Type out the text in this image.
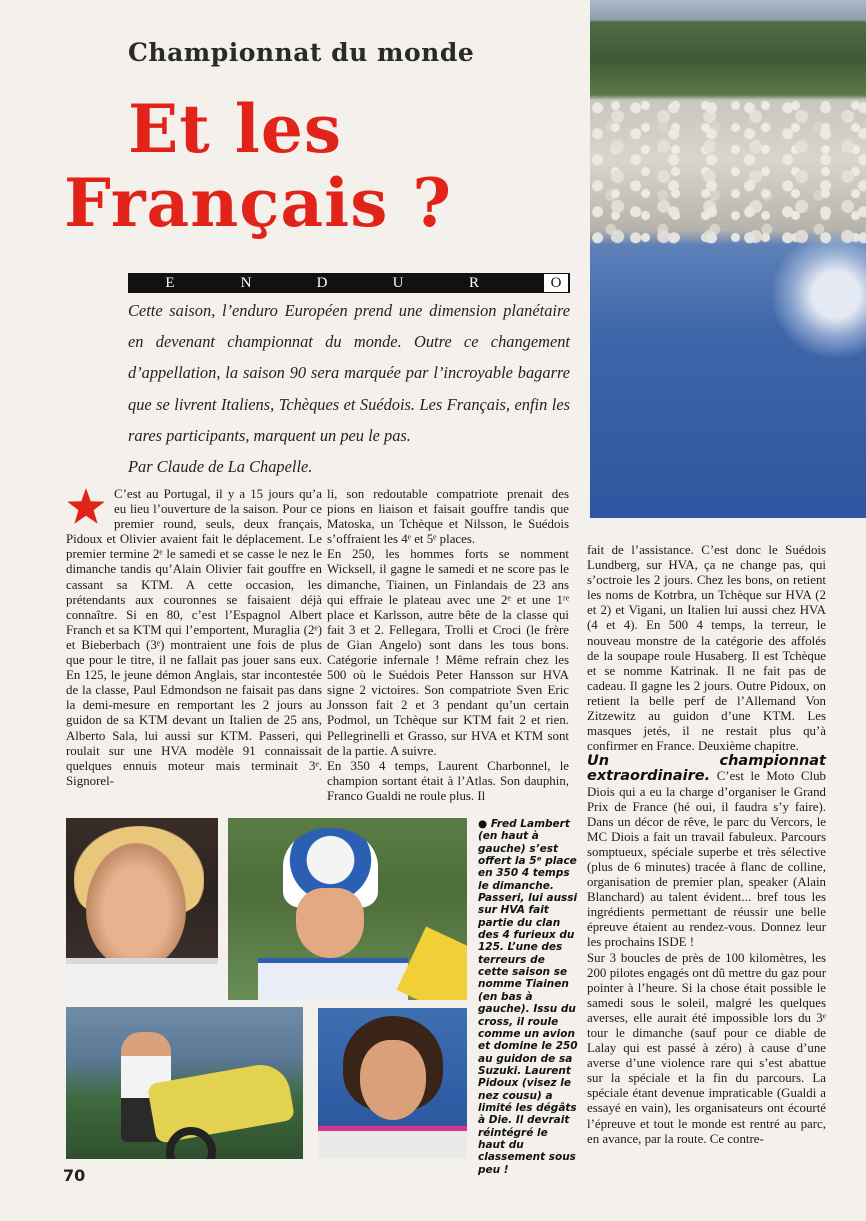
Championnat du monde
Et les
Français ?
E	N	D	U	R	O
Cette saison, l’enduro Européen prend une dimension planétaire en devenant championnat du monde. Outre ce changement d’appellation, la saison 90 sera marquée par l’incroyable bagarre que se livrent Italiens, Tchèques et Suédois. Les Français, enfin les rares participants, marquent un peu le pas.
Par Claude de La Chapelle.

C’est au Portugal, il y a 15 jours qu’a eu lieu l’ouverture de la saison. Pour ce premier round, seuls, deux français, Pidoux et Olivier avaient fait le déplacement. Le premier termine 2ᵉ le samedi et se casse le nez le dimanche tandis qu’Alain Olivier fait gouffre en cassant sa KTM. A cette occasion, les prétendants aux couronnes se faisaient déjà connaître. Si en 80, c’est l’Espagnol Albert Franch et sa KTM qui l’emportent, Muraglia (2ᵉ) et Bieberbach (3ᵉ) montraient une fois de plus que pour le titre, il ne fallait pas jouer sans eux. En 125, le jeune démon Anglais, star incontestée de la classe, Paul Edmondson ne faisait pas dans la demi-mesure en remportant les 2 jours au guidon de sa KTM devant un Italien de 25 ans, Alberto Sala, lui aussi sur KTM. Passeri, qui roulait sur une HVA modèle 91 connaissait quelques ennuis moteur mais terminait 3ᵉ. Signorel-

li, son redoutable compatriote prenait des pions en liaison et faisait gouffre tandis que Matoska, un Tchèque et Nilsson, le Suédois s’offraient les 4ᵉ et 5ᵉ places.

En 250, les hommes forts se nomment Wicksell, il gagne le samedi et ne score pas le dimanche, Tiainen, un Finlandais de 23 ans qui effraie le plateau avec une 2ᵉ et une 1ʳᵉ place et Karlsson, autre bête de la classe qui fait 3 et 2. Fellegara, Trolli et Croci (le frère de Gian Angelo) sont dans les tous bons. Catégorie infernale ! Même refrain chez les 500 où le Suédois Peter Hansson sur HVA signe 2 victoires. Son compatriote Sven Eric Jonsson fait 2 et 3 pendant qu’un certain Podmol, un Tchèque sur KTM fait 2 et rien. Pellegrinelli et Grasso, sur HVA et KTM sont de la partie. A suivre.

En 350 4 temps, Laurent Charbonnel, le champion sortant était à l’Atlas. Son dauphin, Franco Gualdi ne roule plus. Il

fait de l’assistance. C’est donc le Suédois Lundberg, sur HVA, ça ne change pas, qui s’octroie les 2 jours. Chez les bons, on retient les noms de Kotrbra, un Tchèque sur HVA (2 et 2) et Vigani, un Italien lui aussi chez HVA (4 et 4). En 500 4 temps, la terreur, le nouveau monstre de la catégorie des affolés de la soupape roule Husaberg. Il est Tchèque et se nomme Katrinak. Il ne fait pas de cadeau. Il gagne les 2 jours. Outre Pidoux, on retient la belle perf de l’Allemand Von Zitzewitz au guidon d’une KTM. Les masques jetés, il ne restait plus qu’à confirmer en France. Deuxième chapitre.

Un championnat extraordinaire. C’est le Moto Club Diois qui a eu la charge d’organiser le Grand Prix de France (hé oui, il faudra s’y faire). Dans un décor de rêve, le parc du Vercors, le MC Diois a fait un travail fabuleux. Parcours somptueux, spéciale superbe et très sélective (plus de 6 minutes) tracée à flanc de colline, organisation de premier plan, speaker (Alain Blanchard) au talent évident... bref tous les ingrédients permettant de réussir une belle épreuve étaient au rendez-vous. Donnez leur les prochains ISDE !

Sur 3 boucles de près de 100 kilomètres, les 200 pilotes engagés ont dû mettre du gaz pour pointer à l’heure. Si la chose était possible le samedi sous le soleil, malgré les quelques averses, elle aurait été impossible lors du 3ᵉ tour le dimanche (sauf pour ce diable de Lalay qui est passé à zéro) à cause d’une averse d’une violence rare qui s’est abattue sur la spéciale et la fin du parcours. La spéciale étant devenue impraticable (Gualdi a essayé en vain), les organisateurs ont écourté l’épreuve et tout le monde est rentré au parc, en avance, par la route. Ce contre-

● Fred Lambert (en haut à gauche) s’est offert la 5ᵉ place en 350 4 temps le dimanche. Passeri, lui aussi sur HVA fait partie du clan des 4 furieux du 125. L’une des terreurs de cette saison se nomme Tiainen (en bas à gauche). Issu du cross, il roule comme un avion et domine le 250 au guidon de sa Suzuki. Laurent Pidoux (visez le nez cousu) a limité les dégâts à Die. Il devrait réintégré le haut du classement sous peu !
70
